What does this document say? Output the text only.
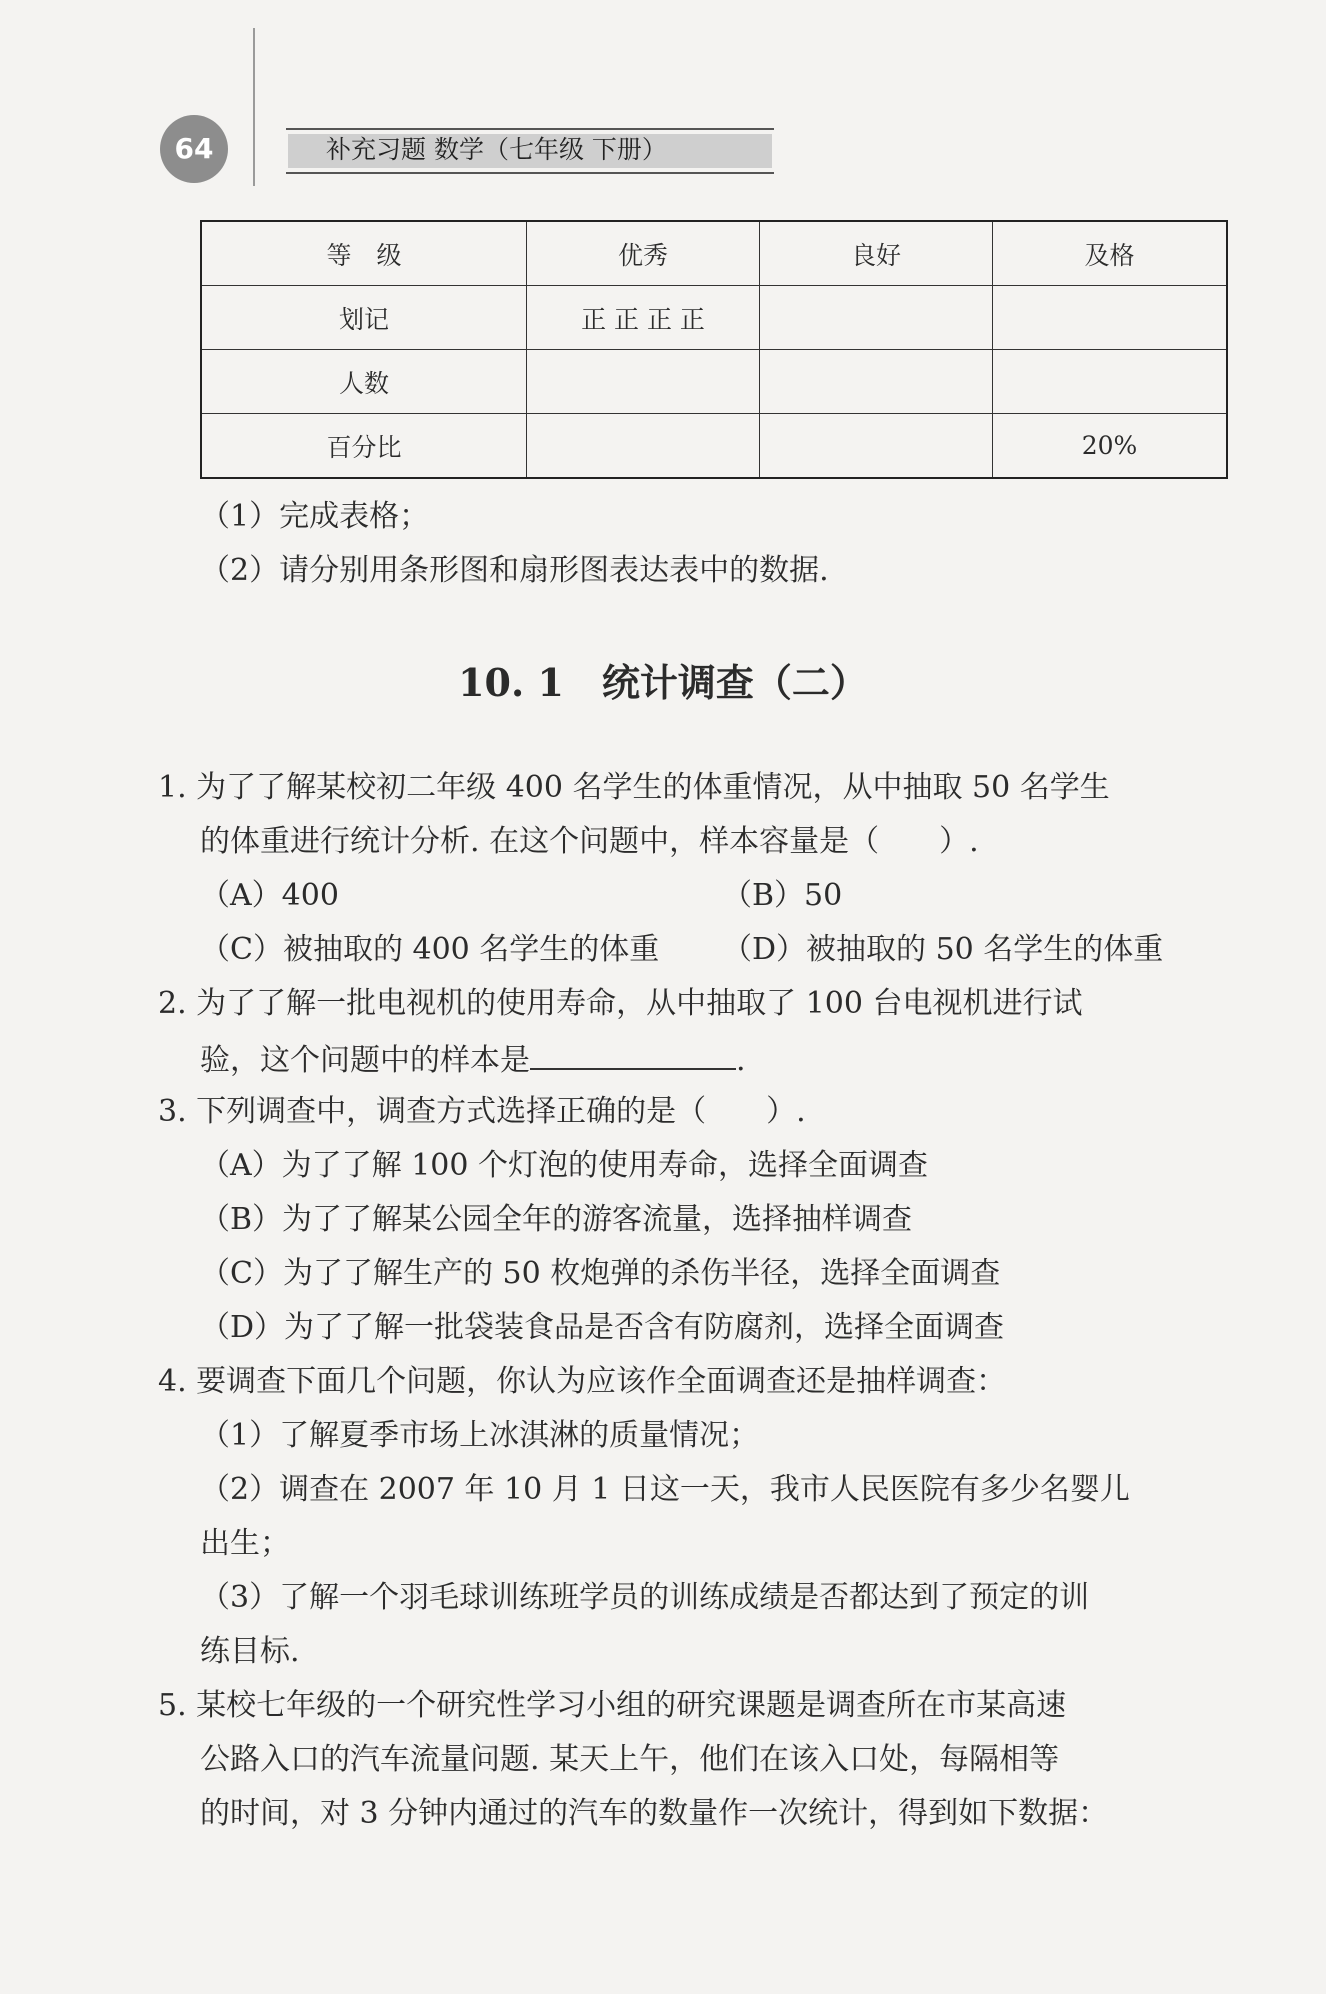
64	补充习题 数学（七年级 下册）
等　级	优秀	良好	及格
划记	正 正 正 正		
人数			
百分比			20%
（1）完成表格；
（2）请分别用条形图和扇形图表达表中的数据.
10. 1　统计调查（二）
1. 为了了解某校初二年级 400 名学生的体重情况，从中抽取 50 名学生
的体重进行统计分析. 在这个问题中，样本容量是（　　）.
（A）400	（B）50
（C）被抽取的 400 名学生的体重 （D）被抽取的 50 名学生的体重
2. 为了了解一批电视机的使用寿命，从中抽取了 100 台电视机进行试
验，这个问题中的样本是	.
3. 下列调查中，调查方式选择正确的是（　　）.
（A）为了了解 100 个灯泡的使用寿命，选择全面调查
（B）为了了解某公园全年的游客流量，选择抽样调查
（C）为了了解生产的 50 枚炮弹的杀伤半径，选择全面调查
（D）为了了解一批袋装食品是否含有防腐剂，选择全面调查
4. 要调查下面几个问题，你认为应该作全面调查还是抽样调查：
（1）了解夏季市场上冰淇淋的质量情况；
（2）调查在 2007 年 10 月 1 日这一天，我市人民医院有多少名婴儿
出生；
（3）了解一个羽毛球训练班学员的训练成绩是否都达到了预定的训
练目标.
5. 某校七年级的一个研究性学习小组的研究课题是调查所在市某高速
公路入口的汽车流量问题. 某天上午，他们在该入口处，每隔相等
的时间，对 3 分钟内通过的汽车的数量作一次统计，得到如下数据：
